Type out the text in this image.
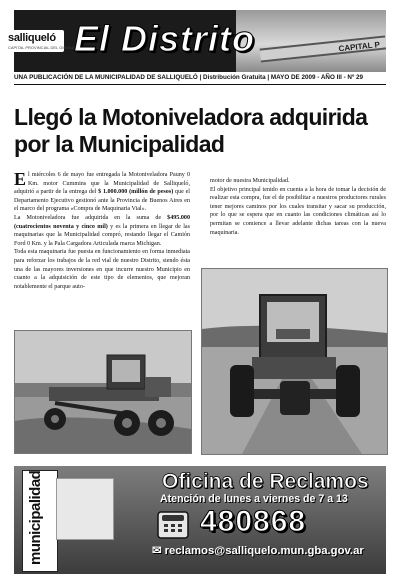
CAPITAL P
salliqueló
CAPITAL PROVINCIAL DEL GIRASOL
El Distrito
UNA PUBLICACIÓN DE LA MUNICIPALIDAD DE SALLIQUELÓ | Distribución Gratuita | MAYO DE 2009 - AÑO III - Nº 29
Llegó la Motoniveladora adquirida por la Municipalidad

El miércoles 6 de mayo fue entregada la Motoniveladora Pauny 0 Km. motor Cummins que la Municipalidad de Salliqueló, adquirió a partir de la entrega del $ 1.000.000 (millón de pesos) que el Departamento Ejecutivo gestionó ante la Provincia de Buenos Aires en el marco del programa «Compra de Maquinaria Vial».

La Motoniveladora fue adquirida en la suma de $495.000 (cuatrocientos noventa y cinco mil) y es la primera en llegar de las maquinarias que la Municipalidad compró, restando llegar el Camión Ford 0 Km. y la Pala Cargadora Articulada marca Michigan.

Toda esta maquinaria fue puesta en funcionamiento en forma inmediata para reforzar los trabajos de la red vial de nuestro Distrito, siendo ésta una de las mayores inversiones en que incurre nuestro Municipio en cuanto a la adquisición de este tipo de elementos, que mejoran notablemente el parque auto-

motor de nuestra Municipalidad.

El objetivo principal tenido en cuenta a la hora de tomar la decisión de realizar esta compra, fue el de posibilitar a nuestros productores rurales tener mejores caminos por los cuales transitar y sacar su producción, por lo que se espera que en cuanto las condiciones climáticas así lo permitan se comience a llevar adelante dichas tareas con la nueva maquinaria.

municipalidad	Oficina de Reclamos
Atención de lunes a viernes de 7 a 13
480868
✉ reclamos@salliquelo.mun.gba.gov.ar
